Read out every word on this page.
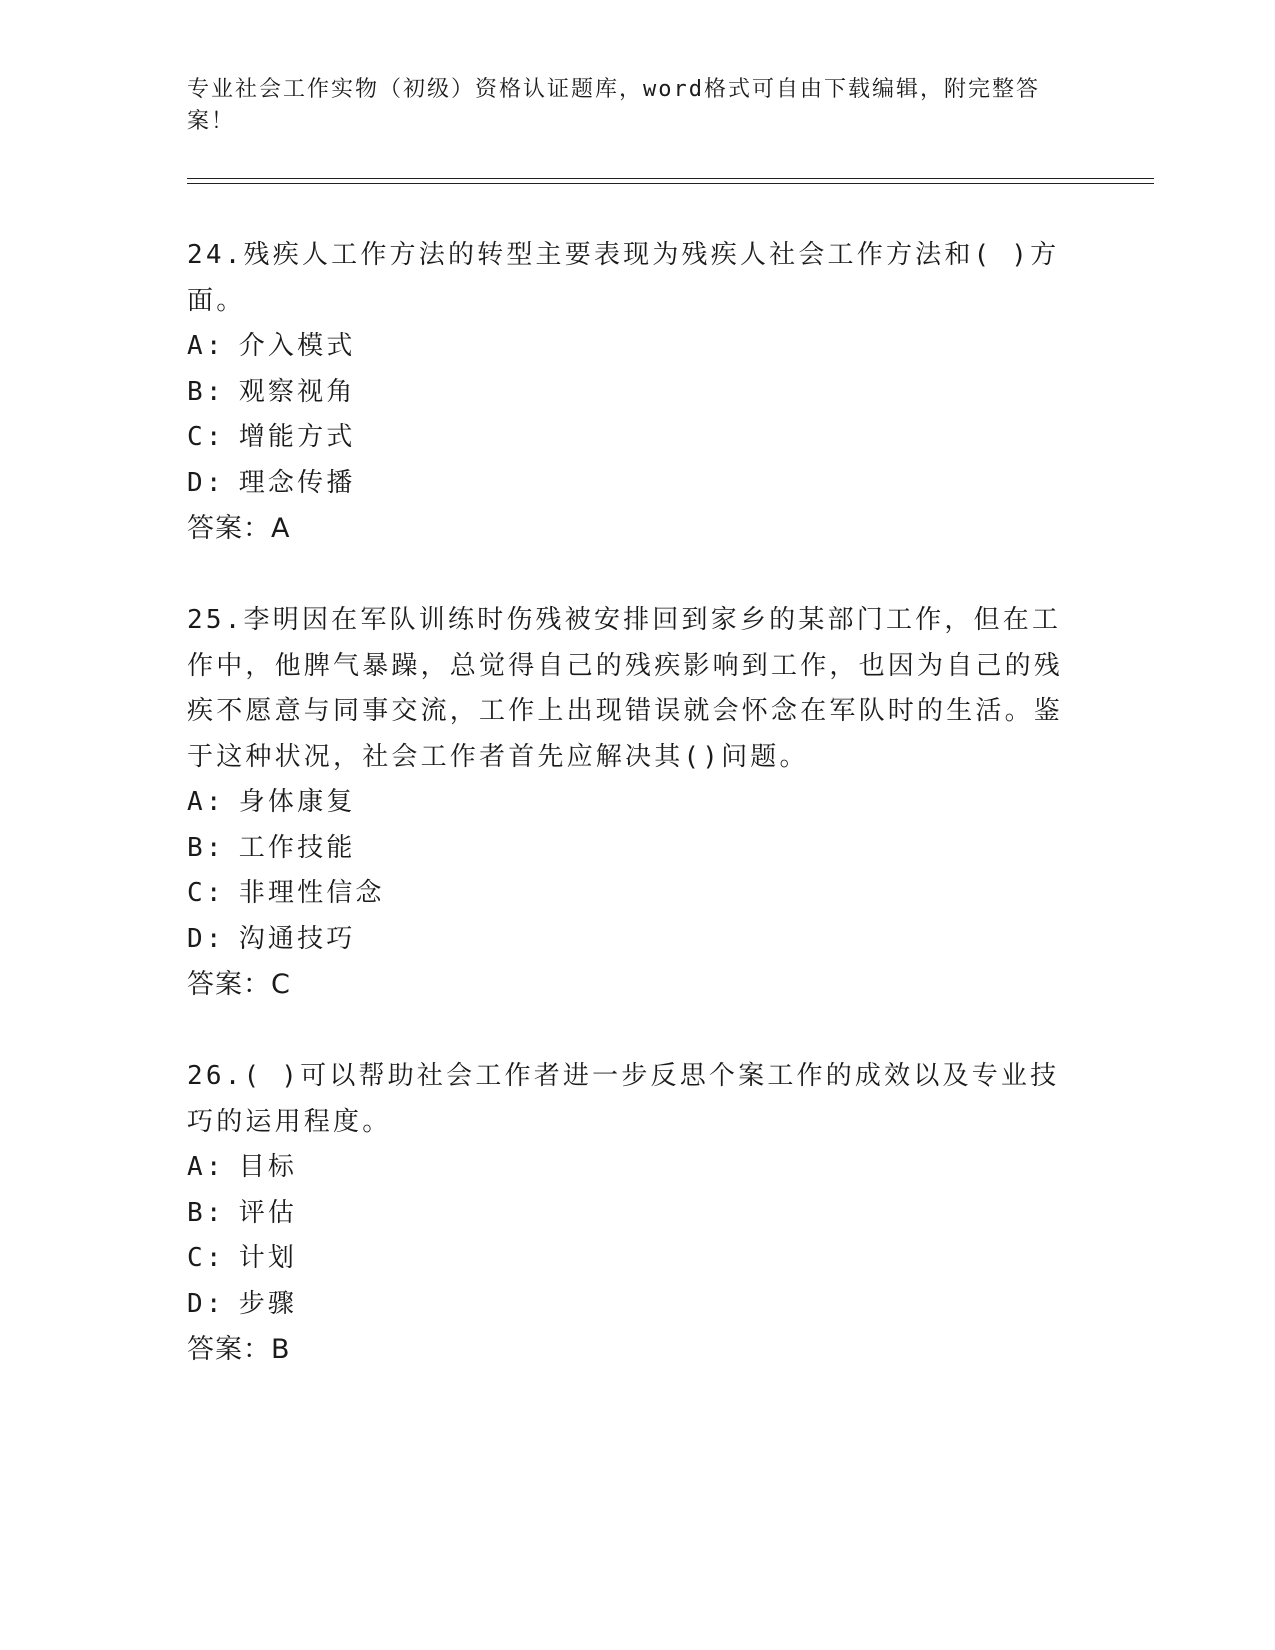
专业社会工作实物（初级）资格认证题库，word格式可自由下载编辑，附完整答案！

24.残疾人工作方法的转型主要表现为残疾人社会工作方法和( )方面。

A: 介入模式

B: 观察视角

C: 增能方式

D: 理念传播

答案：A

25.李明因在军队训练时伤残被安排回到家乡的某部门工作，但在工作中，他脾气暴躁，总觉得自己的残疾影响到工作，也因为自己的残疾不愿意与同事交流，工作上出现错误就会怀念在军队时的生活。鉴于这种状况，社会工作者首先应解决其()问题。

A: 身体康复

B: 工作技能

C: 非理性信念

D: 沟通技巧

答案：C

26.( )可以帮助社会工作者进一步反思个案工作的成效以及专业技巧的运用程度。

A: 目标

B: 评估

C: 计划

D: 步骤

答案：B
